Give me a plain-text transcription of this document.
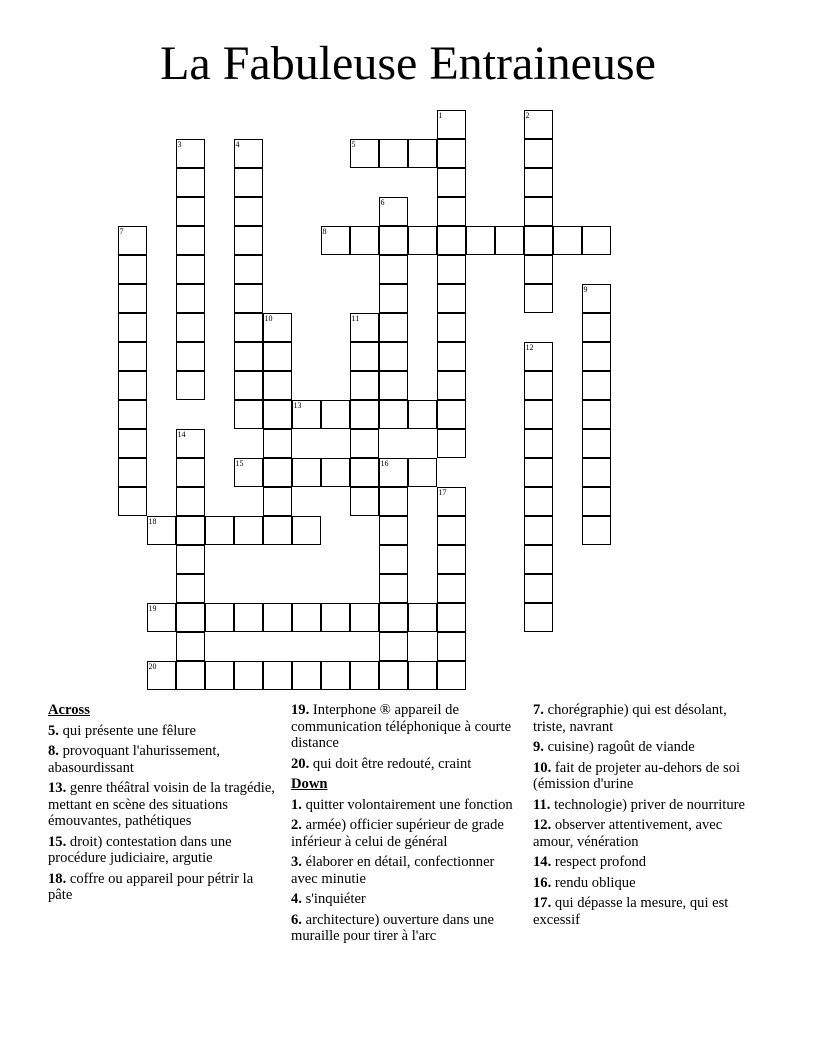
La Fabuleuse Entraineuse
1	2
3	4	5
6
7	8
9
10	11
12
13
14
15	16
17
18
19
20
Across
5. qui présente une fêlure
8. provoquant l'ahurissement, abasourdissant
13. genre théâtral voisin de la tragédie, mettant en scène des situations émouvantes, pathétiques
15. droit) contestation dans une procédure judiciaire, argutie
18. coffre ou appareil pour pétrir la pâte
19. Interphone ® appareil de communication téléphonique à courte distance
20. qui doit être redouté, craint
Down
1. quitter volontairement une fonction
2. armée) officier supérieur de grade inférieur à celui de général
3. élaborer en détail, confectionner avec minutie
4. s'inquiéter
6. architecture) ouverture dans une muraille pour tirer à l'arc
7. chorégraphie) qui est désolant, triste, navrant
9. cuisine) ragoût de viande
10. fait de projeter au-dehors de soi (émission d'urine
11. technologie) priver de nourriture
12. observer attentivement, avec amour, vénération
14. respect profond
16. rendu oblique
17. qui dépasse la mesure, qui est excessif
